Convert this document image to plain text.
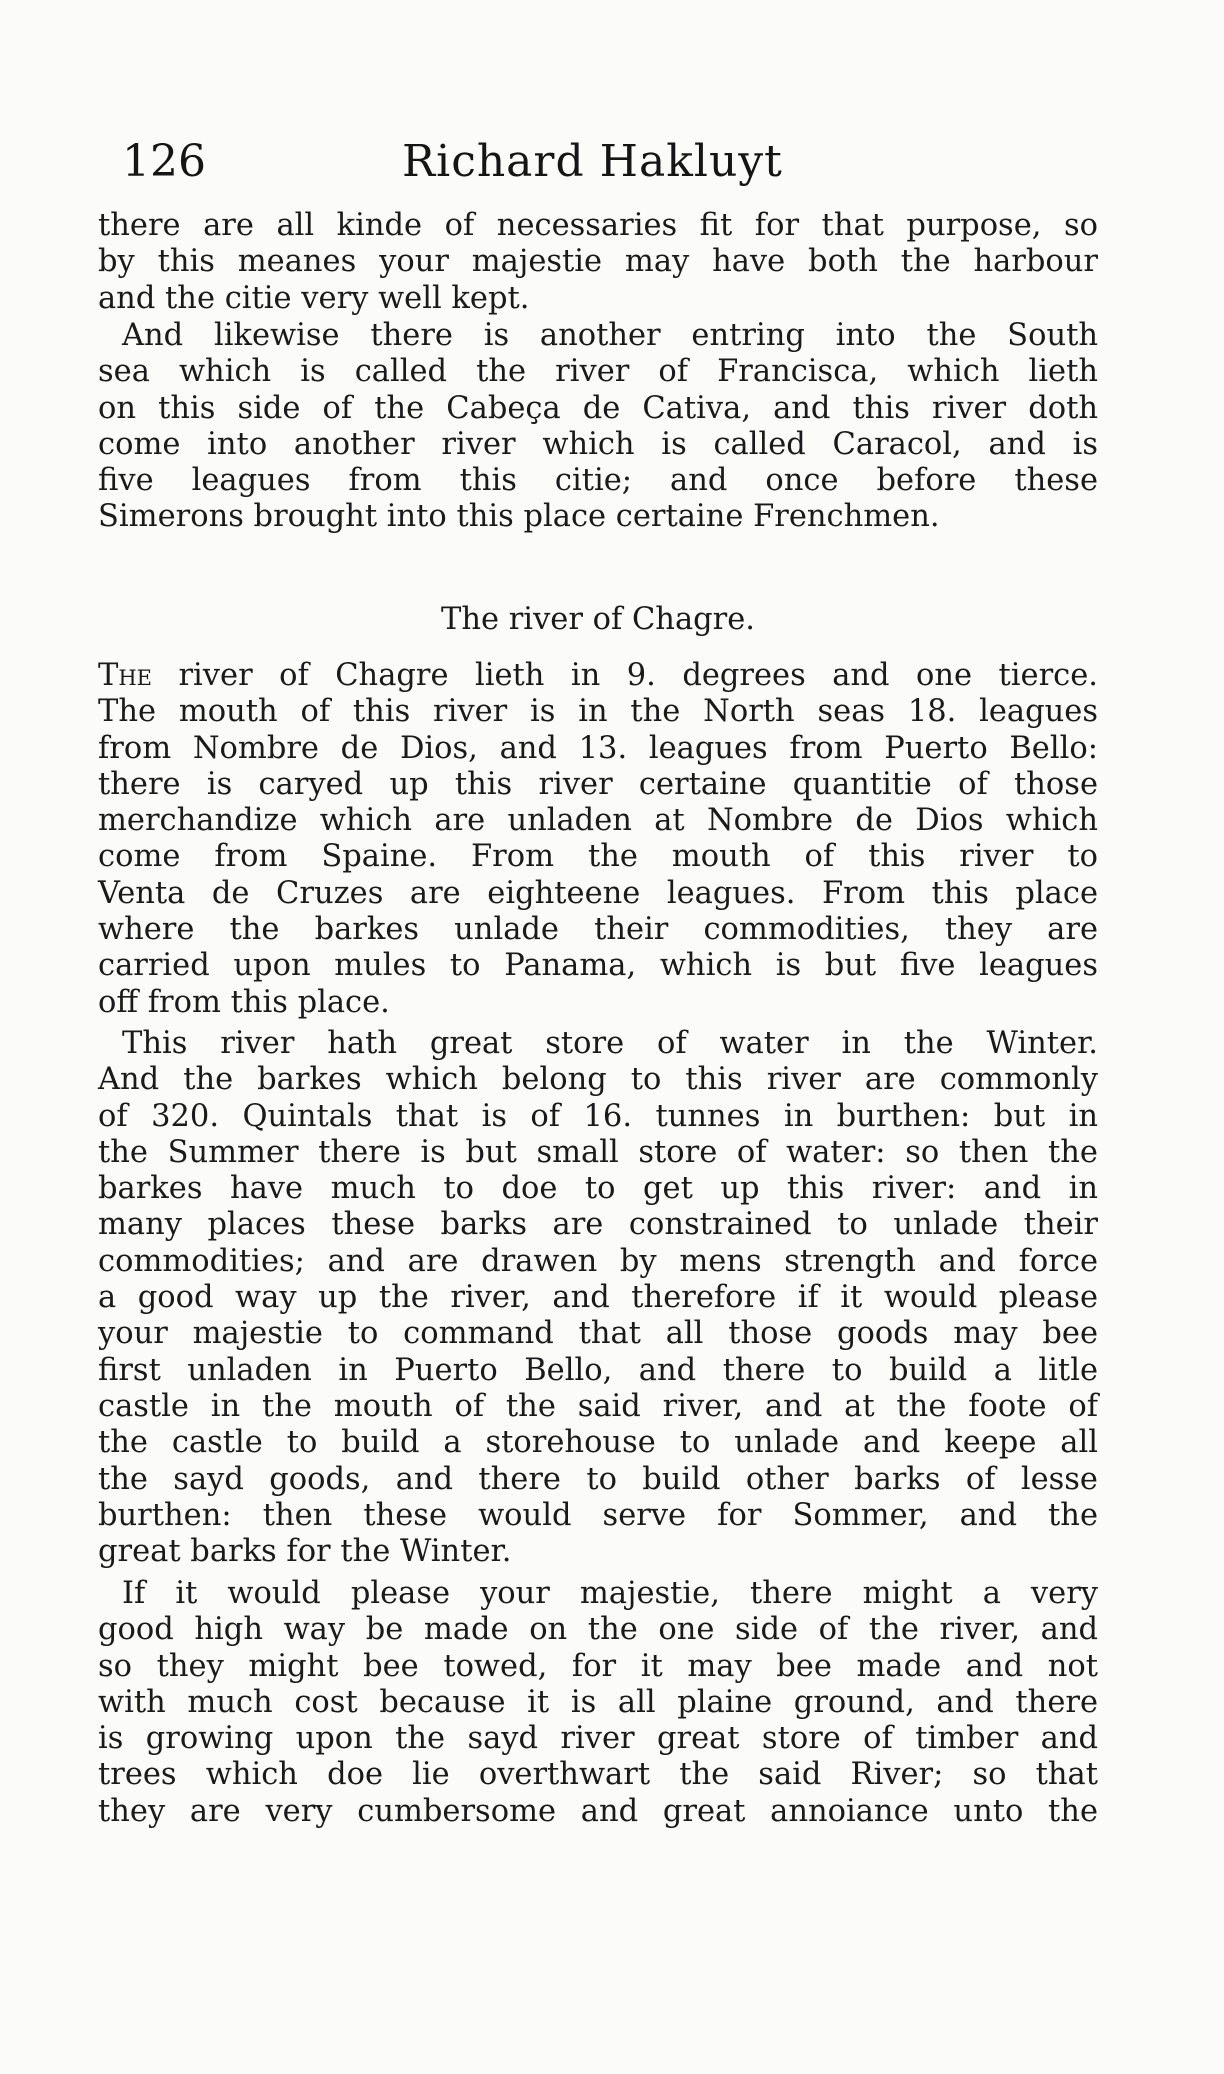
126	Richard Hakluyt

there are all kinde of necessaries fit for that purpose, so
by this meanes your majestie may have both the harbour
and the citie very well kept.

And likewise there is another entring into the South
sea which is called the river of Francisca, which lieth
on this side of the Cabeça de Cativa, and this river doth
come into another river which is called Caracol, and is
five leagues from this citie; and once before these
Simerons brought into this place certaine Frenchmen.

The river of Chagre.

The river of Chagre lieth in 9. degrees and one tierce.
The mouth of this river is in the North seas 18. leagues
from Nombre de Dios, and 13. leagues from Puerto Bello:
there is caryed up this river certaine quantitie of those
merchandize which are unladen at Nombre de Dios which
come from Spaine. From the mouth of this river to
Venta de Cruzes are eighteene leagues. From this place
where the barkes unlade their commodities, they are
carried upon mules to Panama, which is but five leagues
off from this place.

This river hath great store of water in the Winter.
And the barkes which belong to this river are commonly
of 320. Quintals that is of 16. tunnes in burthen: but in
the Summer there is but small store of water: so then the
barkes have much to doe to get up this river: and in
many places these barks are constrained to unlade their
commodities; and are drawen by mens strength and force
a good way up the river, and therefore if it would please
your majestie to command that all those goods may bee
first unladen in Puerto Bello, and there to build a litle
castle in the mouth of the said river, and at the foote of
the castle to build a storehouse to unlade and keepe all
the sayd goods, and there to build other barks of lesse
burthen: then these would serve for Sommer, and the
great barks for the Winter.

If it would please your majestie, there might a very
good high way be made on the one side of the river, and
so they might bee towed, for it may bee made and not
with much cost because it is all plaine ground, and there
is growing upon the sayd river great store of timber and
trees which doe lie overthwart the said River; so that
they are very cumbersome and great annoiance unto the
